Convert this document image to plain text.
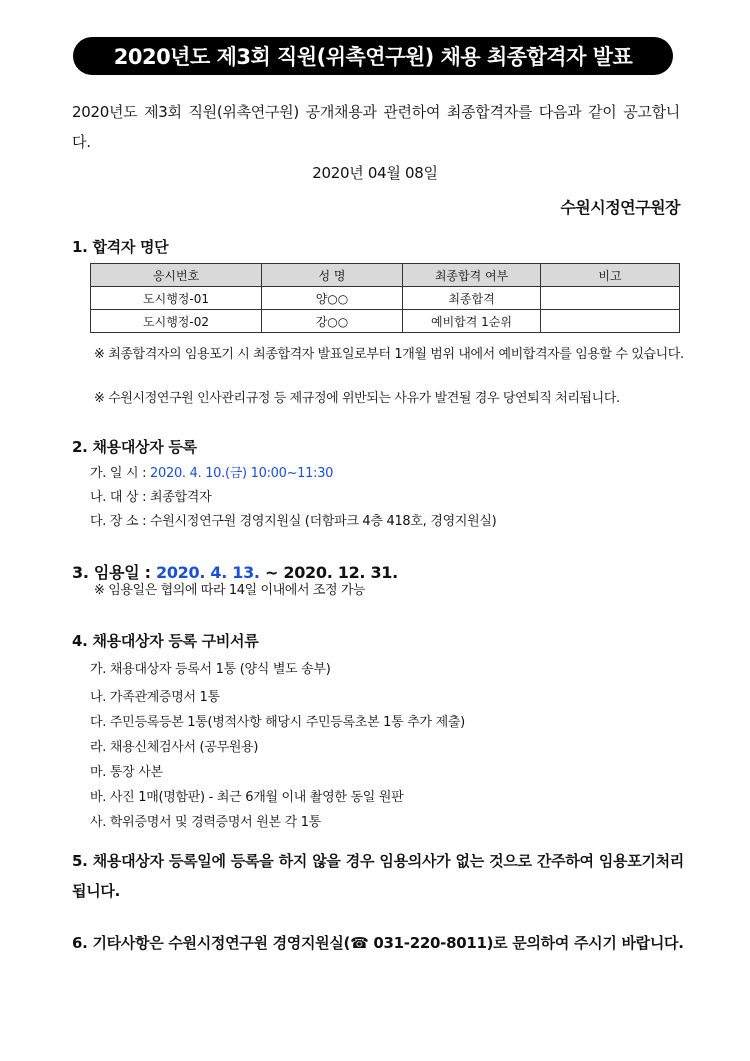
2020년도 제3회 직원(위촉연구원) 채용 최종합격자 발표
2020년도 제3회 직원(위촉연구원) 공개채용과 관련하여 최종합격자를 다음과 같이 공고합니다.
2020년 04월 08일
수원시정연구원장
1. 합격자 명단
응시번호	성 명	최종합격 여부	비고
도시행정-01	양○○	최종합격	
도시행정-02	강○○	예비합격 1순위	
※ 최종합격자의 임용포기 시 최종합격자 발표일로부터 1개월 범위 내에서 예비합격자를 임용할 수 있습니다.
※ 수원시정연구원 인사관리규정 등 제규정에 위반되는 사유가 발견될 경우 당연퇴직 처리됩니다.
2. 채용대상자 등록
가. 일 시 : 2020. 4. 10.(금) 10:00~11:30
나. 대 상 : 최종합격자
다. 장 소 : 수원시정연구원 경영지원실 (더함파크 4층 418호, 경영지원실)
3. 임용일 : 2020. 4. 13. ~ 2020. 12. 31.
※ 임용일은 협의에 따라 14일 이내에서 조정 가능
4. 채용대상자 등록 구비서류
가. 채용대상자 등록서 1통 (양식 별도 송부)
나. 가족관계증명서 1통
다. 주민등록등본 1통(병적사항 해당시 주민등록초본 1통 추가 제출)
라. 채용신체검사서 (공무원용)
마. 통장 사본
바. 사진 1매(명함판) - 최근 6개월 이내 촬영한 동일 원판
사. 학위증명서 및 경력증명서 원본 각 1통
5. 채용대상자 등록일에 등록을 하지 않을 경우 임용의사가 없는 것으로 간주하여 임용포기처리 됩니다.
6. 기타사항은 수원시정연구원 경영지원실(☎ 031-220-8011)로 문의하여 주시기 바랍니다.
